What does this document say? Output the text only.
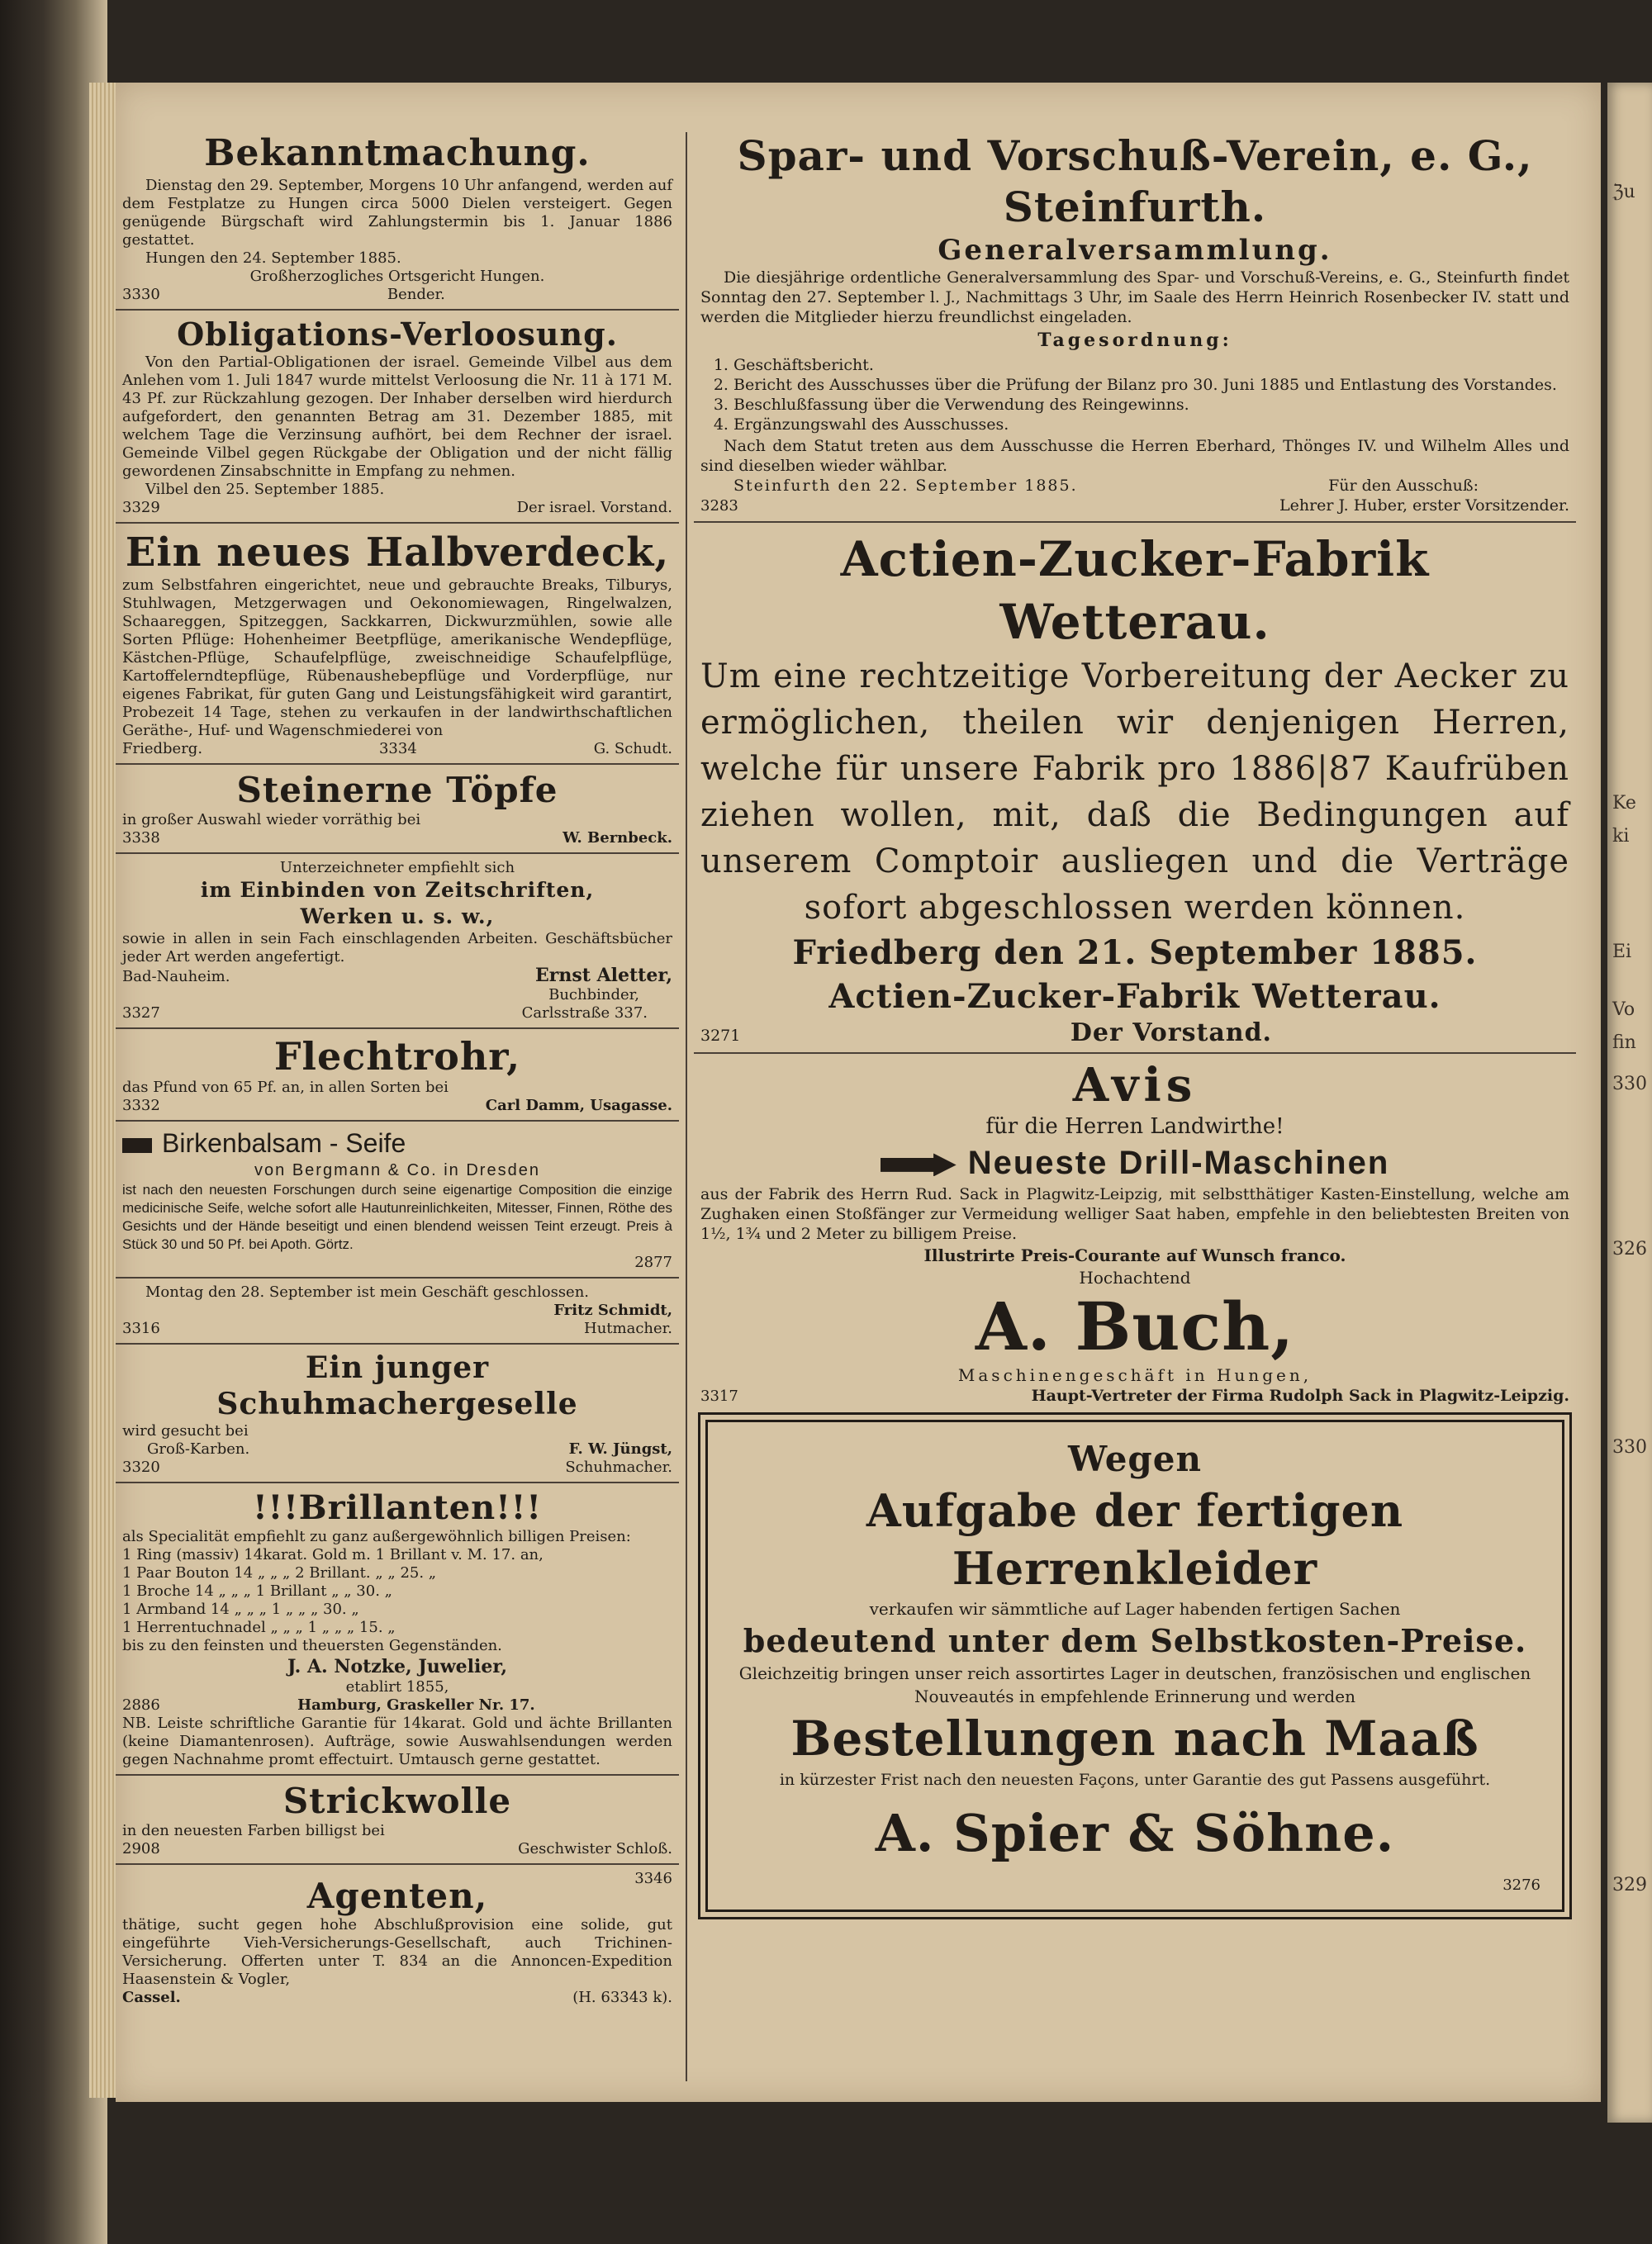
ℨu
Ei
Vo
fin
330
326
330
329
Ke
ki
Bekanntmachung.
Dienstag den 29. September, Morgens 10 Uhr anfangend, werden auf dem Festplatze zu Hungen circa 5000 Dielen versteigert. Gegen genügende Bürgschaft wird Zahlungstermin bis 1. Januar 1886 gestattet.
Hungen den 24. September 1885.
Großherzogliches Ortsgericht Hungen.
3330	Bender.
Obligations-Verloosung.
Von den Partial-Obligationen der israel. Gemeinde Vilbel aus dem Anlehen vom 1. Juli 1847 wurde mittelst Verloosung die Nr. 11 à 171 M. 43 Pf. zur Rückzahlung gezogen. Der Inhaber derselben wird hierdurch aufgefordert, den genannten Betrag am 31. Dezember 1885, mit welchem Tage die Verzinsung aufhört, bei dem Rechner der israel. Gemeinde Vilbel gegen Rückgabe der Obligation und der nicht fällig gewordenen Zinsabschnitte in Empfang zu nehmen.
Vilbel den 25. September 1885.
3329	Der israel. Vorstand.
Ein neues Halbverdeck,
zum Selbstfahren eingerichtet, neue und gebrauchte Breaks, Tilburys, Stuhlwagen, Metzgerwagen und Oekonomiewagen, Ringelwalzen, Schaareggen, Spitzeggen, Sackkarren, Dickwurzmühlen, sowie alle Sorten Pflüge: Hohenheimer Beetpflüge, amerikanische Wendepflüge, Kästchen-Pflüge, Schaufelpflüge, zweischneidige Schaufelpflüge, Kartoffelerndtepflüge, Rübenaushebepflüge und Vorderpflüge, nur eigenes Fabrikat, für guten Gang und Leistungsfähigkeit wird garantirt, Probezeit 14 Tage, stehen zu verkaufen in der landwirthschaftlichen Geräthe-, Huf- und Wagenschmiederei von
Friedberg.	3334	G. Schudt.
Steinerne Töpfe
in großer Auswahl wieder vorräthig bei
3338	W. Bernbeck.
Unterzeichneter empfiehlt sich
im Einbinden von Zeitschriften,
Werken u. s. w.,
sowie in allen in sein Fach einschlagenden Arbeiten. Geschäftsbücher jeder Art werden angefertigt.
Bad-Nauheim.	Ernst Aletter,
Buchbinder,
3327	Carlsstraße 337.
Flechtrohr,
das Pfund von 65 Pf. an, in allen Sorten bei
3332	Carl Damm, Usagasse.
Birkenbalsam - Seife
von Bergmann & Co. in Dresden
ist nach den neuesten Forschungen durch seine eigenartige Composition die einzige medicinische Seife, welche sofort alle Hautunreinlichkeiten, Mitesser, Finnen, Röthe des Gesichts und der Hände beseitigt und einen blendend weissen Teint erzeugt. Preis à Stück 30 und 50 Pf. bei Apoth. Görtz.
2877
Montag den 28. September ist mein Geschäft geschlossen.
Fritz Schmidt,
3316	Hutmacher.
Ein junger Schuhmachergeselle
wird gesucht bei
Groß-Karben.	F. W. Jüngst,
3320	Schuhmacher.
!!!Brillanten!!!
als Specialität empfiehlt zu ganz außergewöhnlich billigen Preisen:
1 Ring (massiv) 14karat. Gold m. 1 Brillant v. M. 17. an,
1 Paar Bouton 14 „ „ „ 2 Brillant. „ „ 25. „
1 Broche 14 „ „ „ 1 Brillant „ „ 30. „
1 Armband 14 „ „ „ 1 „ „ „ 30. „
1 Herrentuchnadel „ „ „ 1 „ „ „ 15. „
bis zu den feinsten und theuersten Gegenständen.
J. A. Notzke, Juwelier,
etablirt 1855,
2886	Hamburg, Graskeller Nr. 17.
NB. Leiste schriftliche Garantie für 14karat. Gold und ächte Brillanten (keine Diamantenrosen). Aufträge, sowie Auswahlsendungen werden gegen Nachnahme promt effectuirt. Umtausch gerne gestattet.
Strickwolle
in den neuesten Farben billigst bei
2908	Geschwister Schloß.
3346
Agenten,
thätige, sucht gegen hohe Abschlußprovision eine solide, gut eingeführte Vieh-Versicherungs-Gesellschaft, auch Trichinen-Versicherung. Offerten unter T. 834 an die Annoncen-Expedition Haasenstein & Vogler,
Cassel.	(H. 63343 k).
Spar- und Vorschuß-Verein, e. G., Steinfurth.
Generalversammlung.
Die diesjährige ordentliche Generalversammlung des Spar- und Vorschuß-Vereins, e. G., Steinfurth findet Sonntag den 27. September l. J., Nachmittags 3 Uhr, im Saale des Herrn Heinrich Rosenbecker IV. statt und werden die Mitglieder hierzu freundlichst eingeladen.
Tagesordnung:
1. Geschäftsbericht.
2. Bericht des Ausschusses über die Prüfung der Bilanz pro 30. Juni 1885 und Entlastung des Vorstandes.
3. Beschlußfassung über die Verwendung des Reingewinns.
4. Ergänzungswahl des Ausschusses.
Nach dem Statut treten aus dem Ausschusse die Herren Eberhard, Thönges IV. und Wilhelm Alles und sind dieselben wieder wählbar.
Steinfurth den 22. September 1885.	Für den Ausschuß:
3283	Lehrer J. Huber, erster Vorsitzender.
Actien-Zucker-Fabrik Wetterau.
Um eine rechtzeitige Vorbereitung der Aecker zu ermöglichen, theilen wir denjenigen Herren, welche für unsere Fabrik pro 1886|87 Kaufrüben ziehen wollen, mit, daß die Bedingungen auf unserem Comptoir ausliegen und die Verträge sofort abgeschlossen werden können.
Friedberg den 21. September 1885.
Actien-Zucker-Fabrik Wetterau.
3271	Der Vorstand.
Avis
für die Herren Landwirthe!
Neueste Drill-Maschinen
aus der Fabrik des Herrn Rud. Sack in Plagwitz-Leipzig, mit selbstthätiger Kasten-Einstellung, welche am Zughaken einen Stoßfänger zur Vermeidung welliger Saat haben, empfehle in den beliebtesten Breiten von 1½, 1¾ und 2 Meter zu billigem Preise.
Illustrirte Preis-Courante auf Wunsch franco.
Hochachtend
A. Buch,
Maschinengeschäft in Hungen,
3317	Haupt-Vertreter der Firma Rudolph Sack in Plagwitz-Leipzig.
Wegen
Aufgabe der fertigen Herrenkleider
verkaufen wir sämmtliche auf Lager habenden fertigen Sachen
bedeutend unter dem Selbstkosten-Preise.
Gleichzeitig bringen unser reich assortirtes Lager in deutschen, französischen und englischen Nouveautés in empfehlende Erinnerung und werden
Bestellungen nach Maaß
in kürzester Frist nach den neuesten Façons, unter Garantie des gut Passens ausgeführt.
A. Spier & Söhne.
3276
